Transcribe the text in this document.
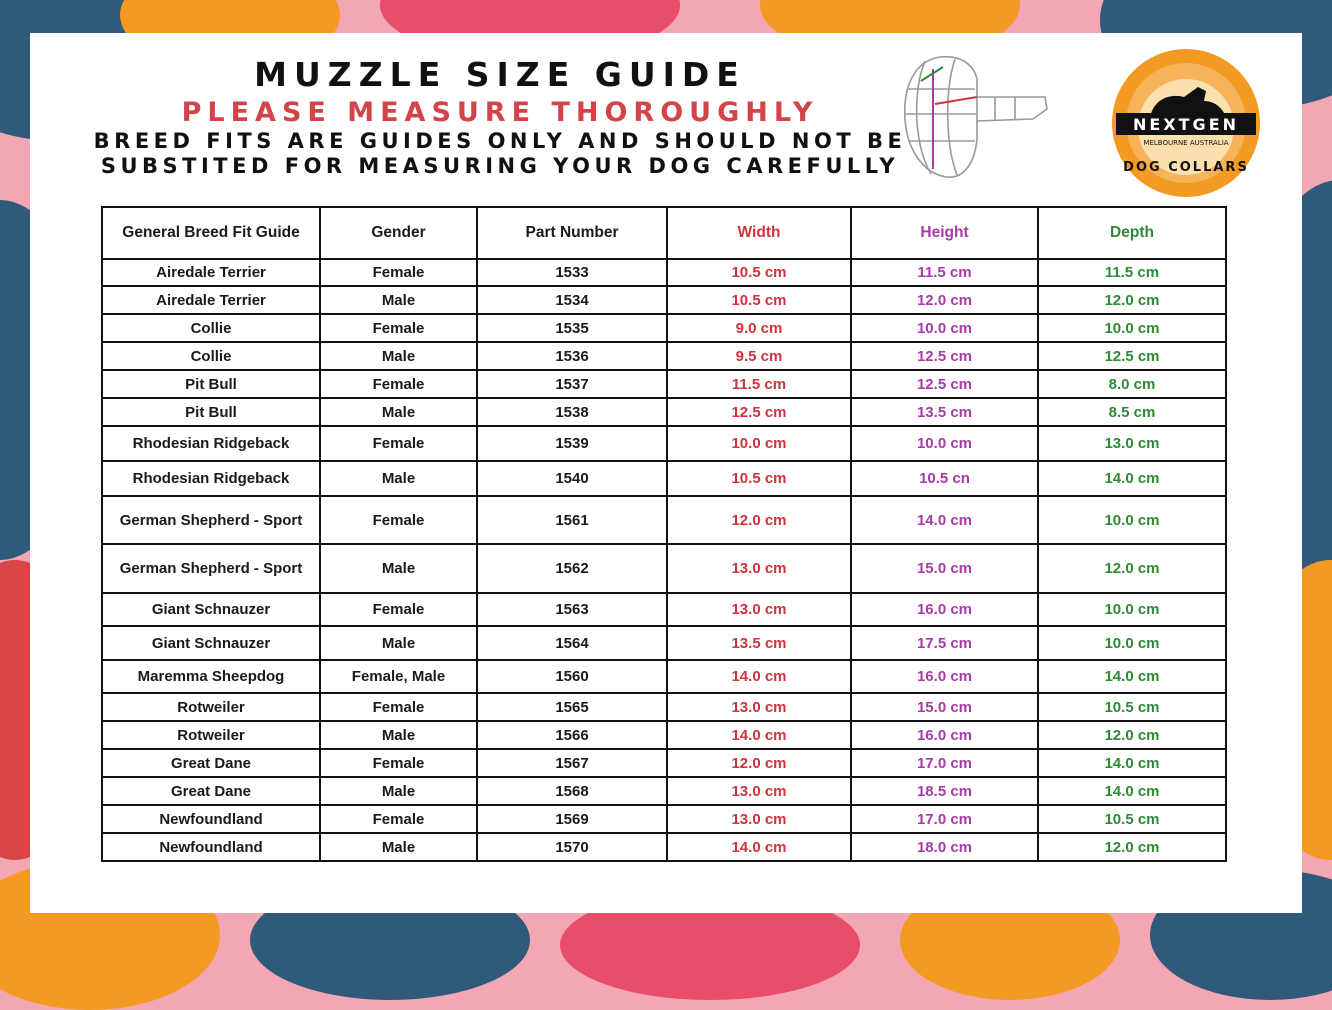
MUZZLE SIZE GUIDE
PLEASE MEASURE THOROUGHLY
BREED FITS ARE GUIDES ONLY AND SHOULD NOT BE
SUBSTITED FOR MEASURING YOUR DOG CAREFULLY
NEXTGEN
MELBOURNE AUSTRALIA
DOG COLLARS
General Breed Fit Guide	Gender	Part Number	Width	Height	Depth
Airedale Terrier	Female	1533	10.5 cm	11.5 cm	11.5 cm
Airedale Terrier	Male	1534	10.5 cm	12.0 cm	12.0 cm
Collie	Female	1535	9.0 cm	10.0 cm	10.0 cm
Collie	Male	1536	9.5 cm	12.5 cm	12.5 cm
Pit Bull	Female	1537	11.5 cm	12.5 cm	8.0 cm
Pit Bull	Male	1538	12.5 cm	13.5 cm	8.5 cm
Rhodesian Ridgeback	Female	1539	10.0 cm	10.0 cm	13.0 cm
Rhodesian Ridgeback	Male	1540	10.5 cm	10.5 cn	14.0 cm
German Shepherd - Sport	Female	1561	12.0 cm	14.0 cm	10.0 cm
German Shepherd - Sport	Male	1562	13.0 cm	15.0 cm	12.0 cm
Giant Schnauzer	Female	1563	13.0 cm	16.0 cm	10.0 cm
Giant Schnauzer	Male	1564	13.5 cm	17.5 cm	10.0 cm
Maremma Sheepdog	Female, Male	1560	14.0 cm	16.0 cm	14.0 cm
Rotweiler	Female	1565	13.0 cm	15.0 cm	10.5 cm
Rotweiler	Male	1566	14.0 cm	16.0 cm	12.0 cm
Great Dane	Female	1567	12.0 cm	17.0 cm	14.0 cm
Great Dane	Male	1568	13.0 cm	18.5 cm	14.0 cm
Newfoundland	Female	1569	13.0 cm	17.0 cm	10.5 cm
Newfoundland	Male	1570	14.0 cm	18.0 cm	12.0 cm
